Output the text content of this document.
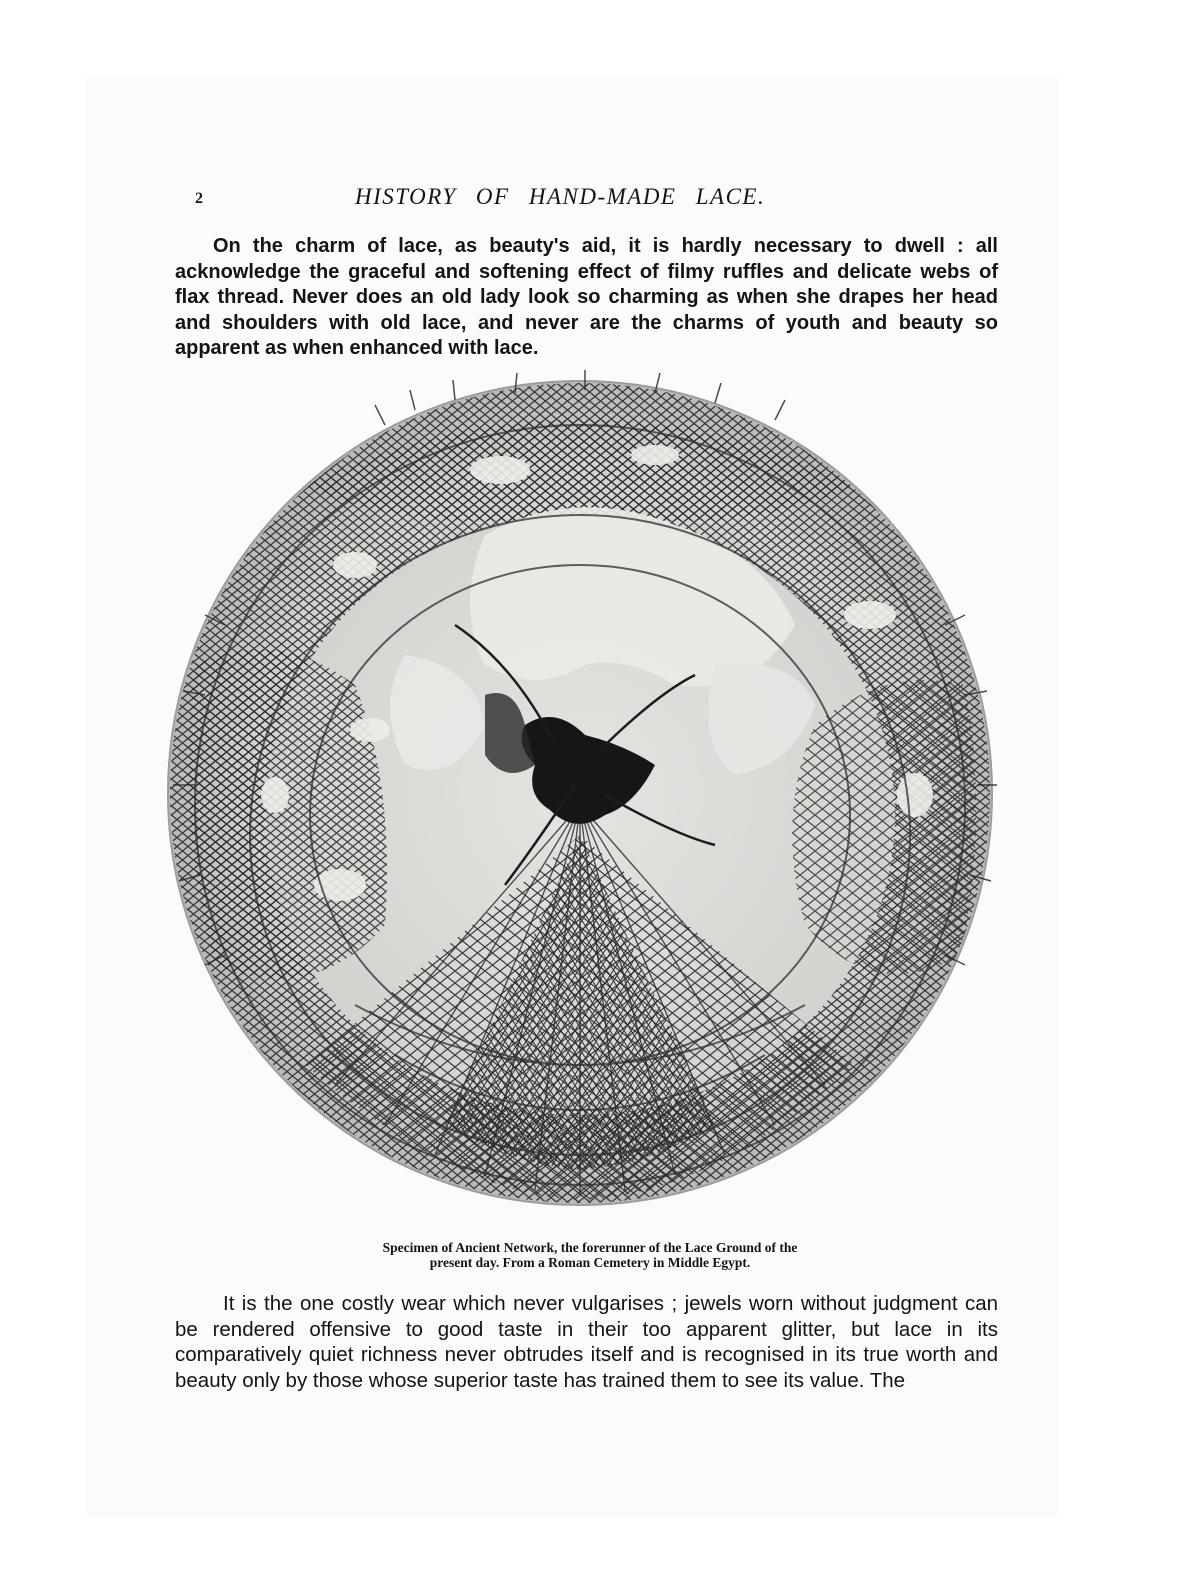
2	HISTORY OF HAND-MADE LACE.

On the charm of lace, as beauty's aid, it is hardly necessary to dwell : all acknowledge the graceful and softening effect of filmy ruffles and delicate webs of flax thread. Never does an old lady look so charming as when she drapes her head and shoulders with old lace, and never are the charms of youth and beauty so apparent as when enhanced with lace.

Specimen of Ancient Network, the forerunner of the Lace Ground of the
present day. From a Roman Cemetery in Middle Egypt.

It is the one costly wear which never vulgarises ; jewels worn without judgment can be rendered offensive to good taste in their too apparent glitter, but lace in its comparatively quiet richness never obtrudes itself and is recognised in its true worth and beauty only by those whose superior taste has trained them to see its value. The
